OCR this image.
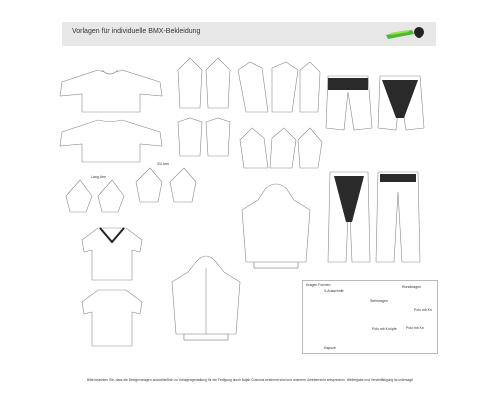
Vorlagen für individuelle BMX-Bekleidung
Lang Arm
3/4 Arm
Kragen Formen:
V-Ausschnitt
Rundkragen
Stehkragen
Polo mit Kn
Polo mit Knöpfe
Kapuze
Polo mit Kn
Bitte beachten Sie, dass die Designvorlagen ausschließlich zu Vorlagengestaltung für die Fertigung durch Bajah Customs bestimmt sind und unserem Urheberrecht entsprechen. Weitergabe und Vervielfältigung ist untersagt!
